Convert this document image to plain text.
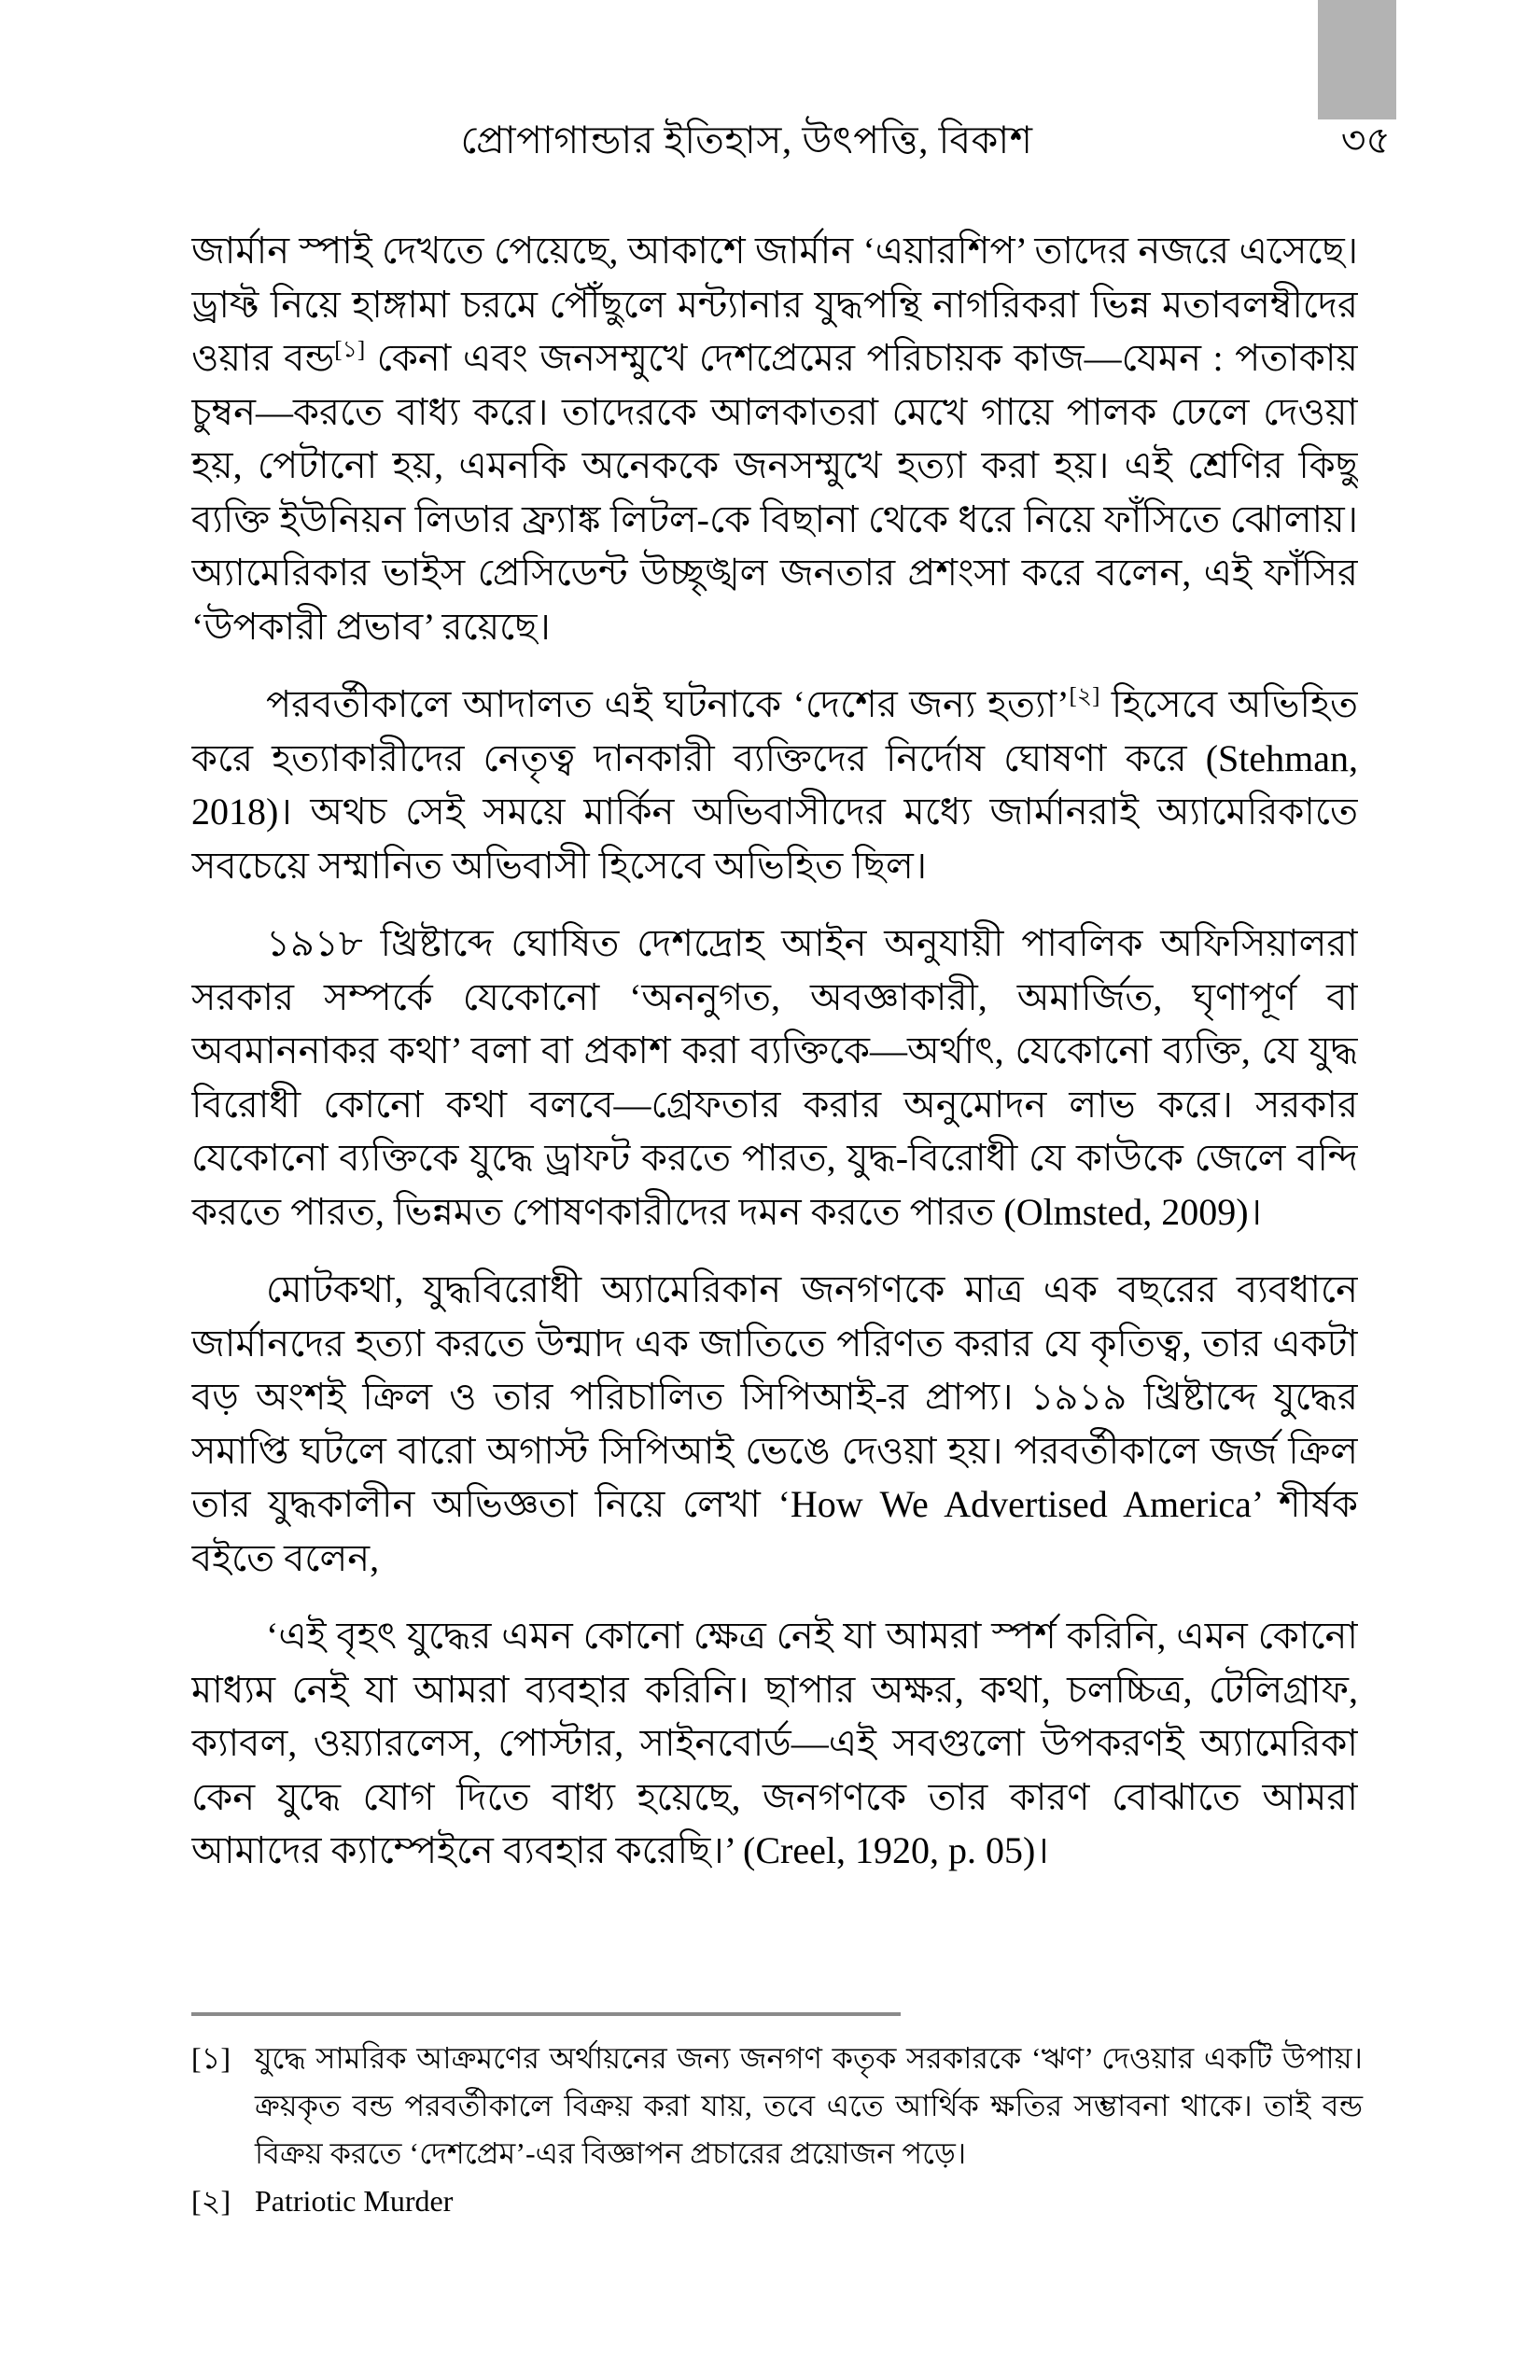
প্রোপাগান্ডার ইতিহাস, উৎপত্তি, বিকাশ	৩৫

জার্মান স্পাই দেখতে পেয়েছে, আকাশে জার্মান ‘এয়ারশিপ’ তাদের নজরে এসেছে। ড্রাফ্ট নিয়ে হাঙ্গামা চরমে পৌঁছুলে মন্ট্যানার যুদ্ধপন্থি নাগরিকরা ভিন্ন মতাবলম্বীদের ওয়ার বন্ড[১] কেনা এবং জনসম্মুখে দেশপ্রেমের পরিচায়ক কাজ—যেমন : পতাকায় চুম্বন—করতে বাধ্য করে। তাদেরকে আলকাতরা মেখে গায়ে পালক ঢেলে দেওয়া হয়, পেটানো হয়, এমনকি অনেককে জনসম্মুখে হত্যা করা হয়। এই শ্রেণির কিছু ব্যক্তি ইউনিয়ন লিডার ফ্র্যাঙ্ক লিটল-কে বিছানা থেকে ধরে নিয়ে ফাঁসিতে ঝোলায়। অ্যামেরিকার ভাইস প্রেসিডেন্ট উচ্ছৃঙ্খল জনতার প্রশংসা করে বলেন, এই ফাঁসির ‘উপকারী প্রভাব’ রয়েছে।

পরবর্তীকালে আদালত এই ঘটনাকে ‘দেশের জন্য হত্যা’[২] হিসেবে অভিহিত করে হত্যাকারীদের নেতৃত্ব দানকারী ব্যক্তিদের নির্দোষ ঘোষণা করে (Stehman, 2018)। অথচ সেই সময়ে মার্কিন অভিবাসীদের মধ্যে জার্মানরাই অ্যামেরিকাতে সবচেয়ে সম্মানিত অভিবাসী হিসেবে অভিহিত ছিল।

১৯১৮ খ্রিষ্টাব্দে ঘোষিত দেশদ্রোহ আইন অনুযায়ী পাবলিক অফিসিয়ালরা সরকার সম্পর্কে যেকোনো ‘অননুগত, অবজ্ঞাকারী, অমার্জিত, ঘৃণাপূর্ণ বা অবমাননাকর কথা’ বলা বা প্রকাশ করা ব্যক্তিকে—অর্থাৎ, যেকোনো ব্যক্তি, যে যুদ্ধ বিরোধী কোনো কথা বলবে—গ্রেফতার করার অনুমোদন লাভ করে। সরকার যেকোনো ব্যক্তিকে যুদ্ধে ড্রাফট করতে পারত, যুদ্ধ-বিরোধী যে কাউকে জেলে বন্দি করতে পারত, ভিন্নমত পোষণকারীদের দমন করতে পারত (Olmsted, 2009)।

মোটকথা, যুদ্ধবিরোধী অ্যামেরিকান জনগণকে মাত্র এক বছরের ব্যবধানে জার্মানদের হত্যা করতে উন্মাদ এক জাতিতে পরিণত করার যে কৃতিত্ব, তার একটা বড় অংশই ক্রিল ও তার পরিচালিত সিপিআই-র প্রাপ্য। ১৯১৯ খ্রিষ্টাব্দে যুদ্ধের সমাপ্তি ঘটলে বারো অগাস্ট সিপিআই ভেঙে দেওয়া হয়। পরবর্তীকালে জর্জ ক্রিল তার যুদ্ধকালীন অভিজ্ঞতা নিয়ে লেখা ‘How We Advertised America’ শীর্ষক বইতে বলেন,

‘এই বৃহৎ যুদ্ধের এমন কোনো ক্ষেত্র নেই যা আমরা স্পর্শ করিনি, এমন কোনো মাধ্যম নেই যা আমরা ব্যবহার করিনি। ছাপার অক্ষর, কথা, চলচ্চিত্র, টেলিগ্রাফ, ক্যাবল, ওয়্যারলেস, পোস্টার, সাইনবোর্ড—এই সবগুলো উপকরণই অ্যামেরিকা কেন যুদ্ধে যোগ দিতে বাধ্য হয়েছে, জনগণকে তার কারণ বোঝাতে আমরা আমাদের ক্যাম্পেইনে ব্যবহার করেছি।’ (Creel, 1920, p. 05)।

[১] যুদ্ধে সামরিক আক্রমণের অর্থায়নের জন্য জনগণ কতৃক সরকারকে ‘ঋণ’ দেওয়ার একটি উপায়। ক্রয়কৃত বন্ড পরবর্তীকালে বিক্রয় করা যায়, তবে এতে আর্থিক ক্ষতির সম্ভাবনা থাকে। তাই বন্ড বিক্রয় করতে ‘দেশপ্রেম’-এর বিজ্ঞাপন প্রচারের প্রয়োজন পড়ে।
[২] Patriotic Murder
